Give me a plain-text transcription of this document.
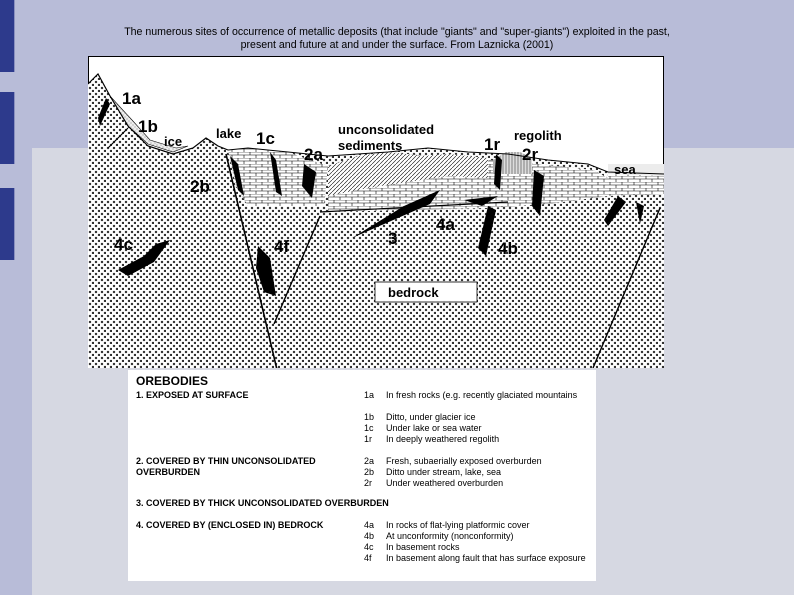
The numerous sites of occurrence of metallic deposits (that include "giants" and "super-giants") exploited in the past,
present and future at and under the surface. From Laznicka (2001)
1a
1b
ice
lake 1c	unconsolidated
sediments	1r regolith
2a	2r
sea
2b
4c	4f	3
4a
4b
bedrock
OREBODIES
1. EXPOSED AT SURFACE	1a In fresh rocks (e.g. recently glaciated mountains
1b Ditto, under glacier ice
1c Under lake or sea water
1r In deeply weathered regolith
2. COVERED BY THIN UNCONSOLIDATED OVERBURDEN
2a Fresh, subaerially exposed overburden
2b Ditto under stream, lake, sea
2r Under weathered overburden
3. COVERED BY THICK UNCONSOLIDATED OVERBURDEN
4. COVERED BY (ENCLOSED IN) BEDROCK	4a In rocks of flat-lying platformic cover
4b At unconformity (nonconformity)
4c In basement rocks
4f In basement along fault that has surface exposure
